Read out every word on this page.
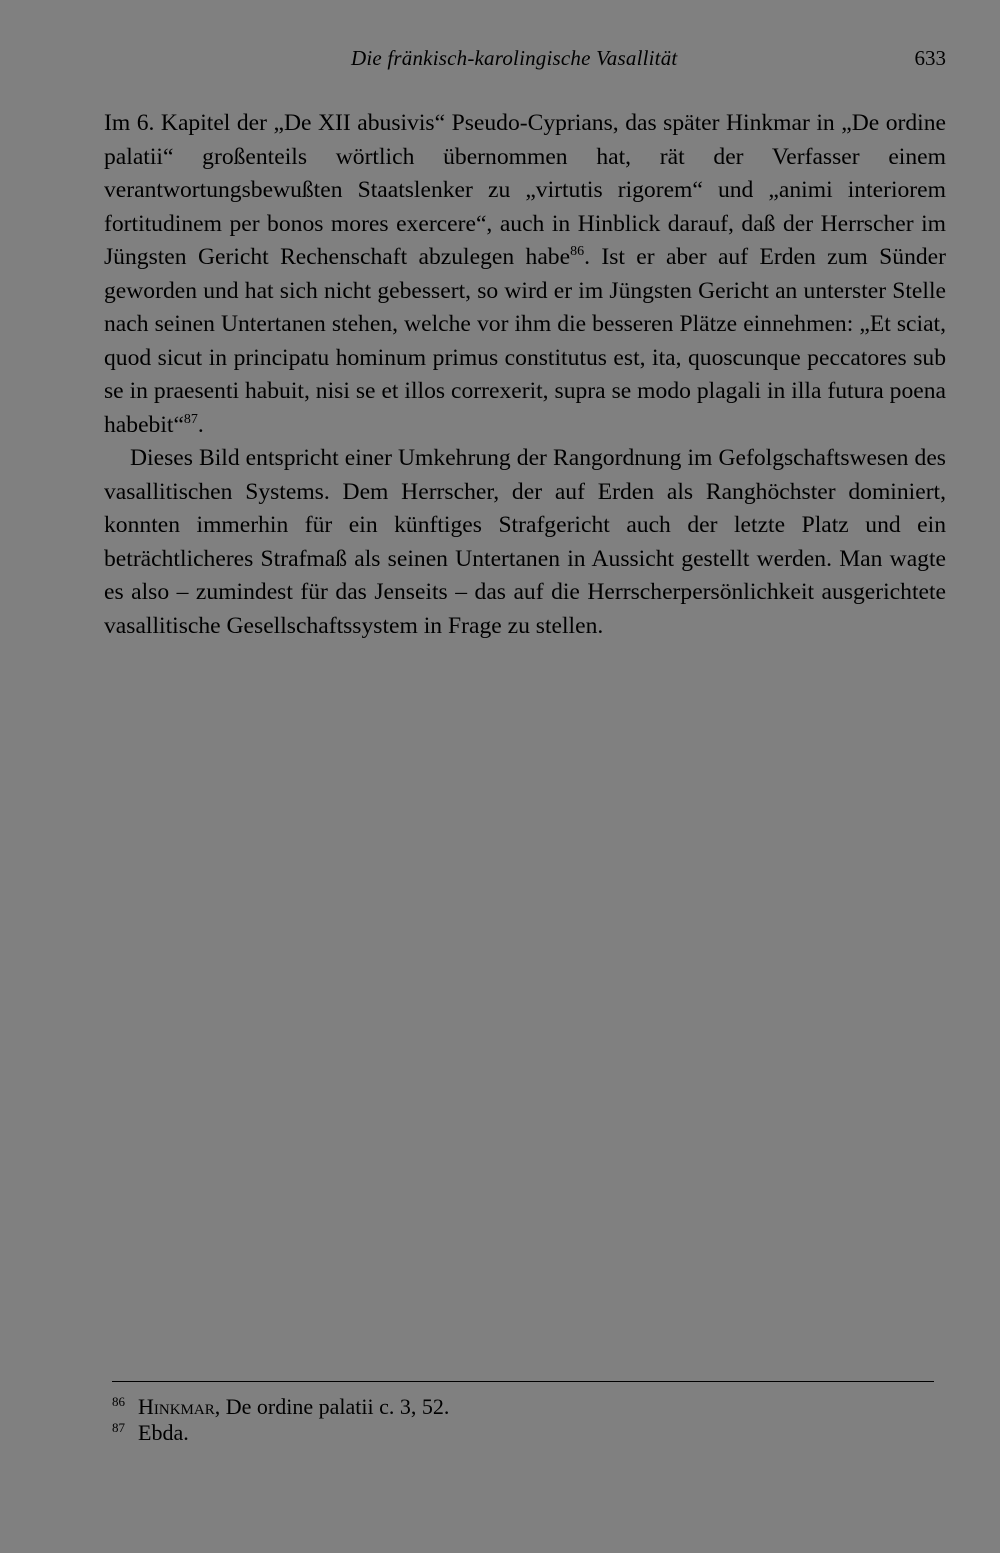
Die fränkisch-karolingische Vasallität	633

Im 6. Kapitel der „De XII abusivis“ Pseudo-Cyprians, das später Hinkmar in „De ordine palatii“ großenteils wörtlich übernommen hat, rät der Verfasser einem verantwortungsbewußten Staatslenker zu „virtutis rigorem“ und „animi interiorem fortitudinem per bonos mores exercere“, auch in Hinblick darauf, daß der Herrscher im Jüngsten Gericht Rechenschaft abzulegen habe$^{86}$. Ist er aber auf Erden zum Sünder geworden und hat sich nicht gebessert, so wird er im Jüngsten Gericht an unterster Stelle nach seinen Untertanen stehen, welche vor ihm die besseren Plätze einnehmen: „Et sciat, quod sicut in principatu hominum primus constitutus est, ita, quoscunque peccatores sub se in praesenti habuit, nisi se et illos correxerit, supra se modo plagali in illa futura poena habebit“$^{87}$.

Dieses Bild entspricht einer Umkehrung der Rangordnung im Gefolgschaftswesen des vasallitischen Systems. Dem Herrscher, der auf Erden als Ranghöchster dominiert, konnten immerhin für ein künftiges Strafgericht auch der letzte Platz und ein beträchtlicheres Strafmaß als seinen Untertanen in Aussicht gestellt werden. Man wagte es also – zumindest für das Jenseits – das auf die Herrscherpersönlichkeit ausgerichtete vasallitische Gesellschaftssystem in Frage zu stellen.

86 Hinkmar, De ordine palatii c. 3, 52.
87 Ebda.
